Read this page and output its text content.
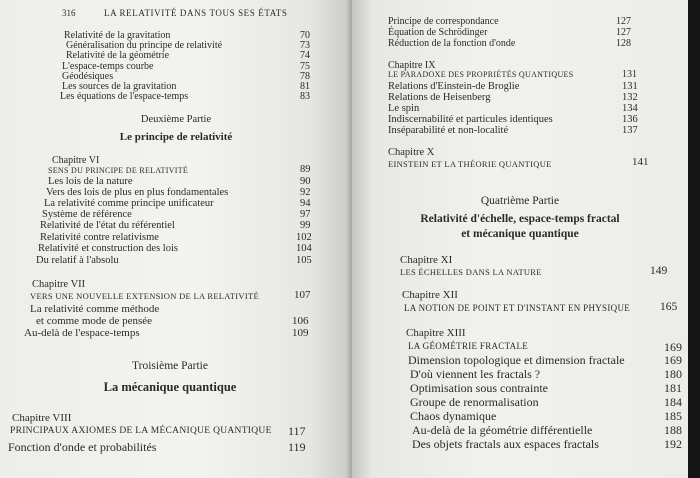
316	LA RELATIVITÉ DANS TOUS SES ÉTATS
Relativité de la gravitation	70
Généralisation du principe de relativité	73
Relativité de la géométrie	74
L'espace-temps courbe	75
Géodésiques	78
Les sources de la gravitation	81
Les équations de l'espace-temps	83
Deuxième Partie
Le principe de relativité
Chapitre VI
SENS DU PRINCIPE DE RELATIVITÉ	89
Les lois de la nature	90
Vers des lois de plus en plus fondamentales	92
La relativité comme principe unificateur	94
Système de référence	97
Relativité de l'état du référentiel	99
Relativité contre relativisme	102
Relativité et construction des lois	104
Du relatif à l'absolu	105
Chapitre VII
VERS UNE NOUVELLE EXTENSION DE LA RELATIVITÉ	107
La relativité comme méthode
et comme mode de pensée	106
Au-delà de l'espace-temps	109
Troisième Partie
La mécanique quantique
Chapitre VIII
PRINCIPAUX AXIOMES DE LA MÉCANIQUE QUANTIQUE 117
Fonction d'onde et probabilités	119
Principe de correspondance	127
Équation de Schrödinger	127
Réduction de la fonction d'onde	128
Chapitre IX
LE PARADOXE DES PROPRIÉTÉS QUANTIQUES	131
Relations d'Einstein-de Broglie	131
Relations de Heisenberg	132
Le spin	134
Indiscernabilité et particules identiques	136
Inséparabilité et non-localité	137
Chapitre X
EINSTEIN ET LA THÉORIE QUANTIQUE	141
Quatrième Partie
Relativité d'échelle, espace-temps fractal
et mécanique quantique
Chapitre XI
LES ÉCHELLES DANS LA NATURE	149
Chapitre XII
LA NOTION DE POINT ET D'INSTANT EN PHYSIQUE	165
Chapitre XIII
LA GÉOMÉTRIE FRACTALE	169
Dimension topologique et dimension fractale	169
D'où viennent les fractals ?	180
Optimisation sous contrainte	181
Groupe de renormalisation	184
Chaos dynamique	185
Au-delà de la géométrie différentielle	188
Des objets fractals aux espaces fractals	192
